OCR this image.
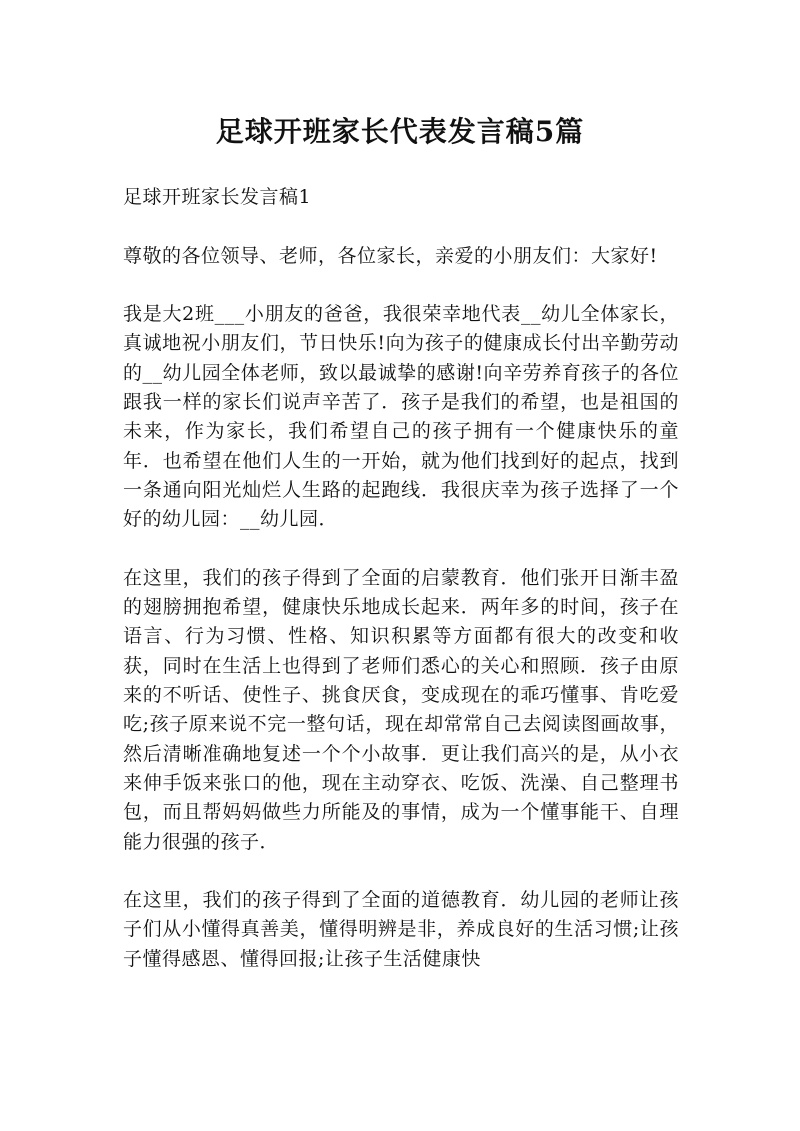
足球开班家长代表发言稿5篇

足球开班家长发言稿1

尊敬的各位领导、老师，各位家长，亲爱的小朋友们：大家好!

我是大2班___小朋友的爸爸，我很荣幸地代表__幼儿全体家长，真诚地祝小朋友们，节日快乐!向为孩子的健康成长付出辛勤劳动的__幼儿园全体老师，致以最诚挚的感谢!向辛劳养育孩子的各位跟我一样的家长们说声辛苦了．孩子是我们的希望，也是祖国的未来，作为家长，我们希望自己的孩子拥有一个健康快乐的童年．也希望在他们人生的一开始，就为他们找到好的起点，找到一条通向阳光灿烂人生路的起跑线．我很庆幸为孩子选择了一个好的幼儿园：__幼儿园．

在这里，我们的孩子得到了全面的启蒙教育．他们张开日渐丰盈的翅膀拥抱希望，健康快乐地成长起来．两年多的时间，孩子在语言、行为习惯、性格、知识积累等方面都有很大的改变和收获，同时在生活上也得到了老师们悉心的关心和照顾．孩子由原来的不听话、使性子、挑食厌食，变成现在的乖巧懂事、肯吃爱吃;孩子原来说不完一整句话，现在却常常自己去阅读图画故事，然后清晰准确地复述一个个小故事．更让我们高兴的是，从小衣来伸手饭来张口的他，现在主动穿衣、吃饭、洗澡、自己整理书包，而且帮妈妈做些力所能及的事情，成为一个懂事能干、自理能力很强的孩子．

在这里，我们的孩子得到了全面的道德教育．幼儿园的老师让孩子们从小懂得真善美，懂得明辨是非，养成良好的生活习惯;让孩子懂得感恩、懂得回报;让孩子生活健康快
